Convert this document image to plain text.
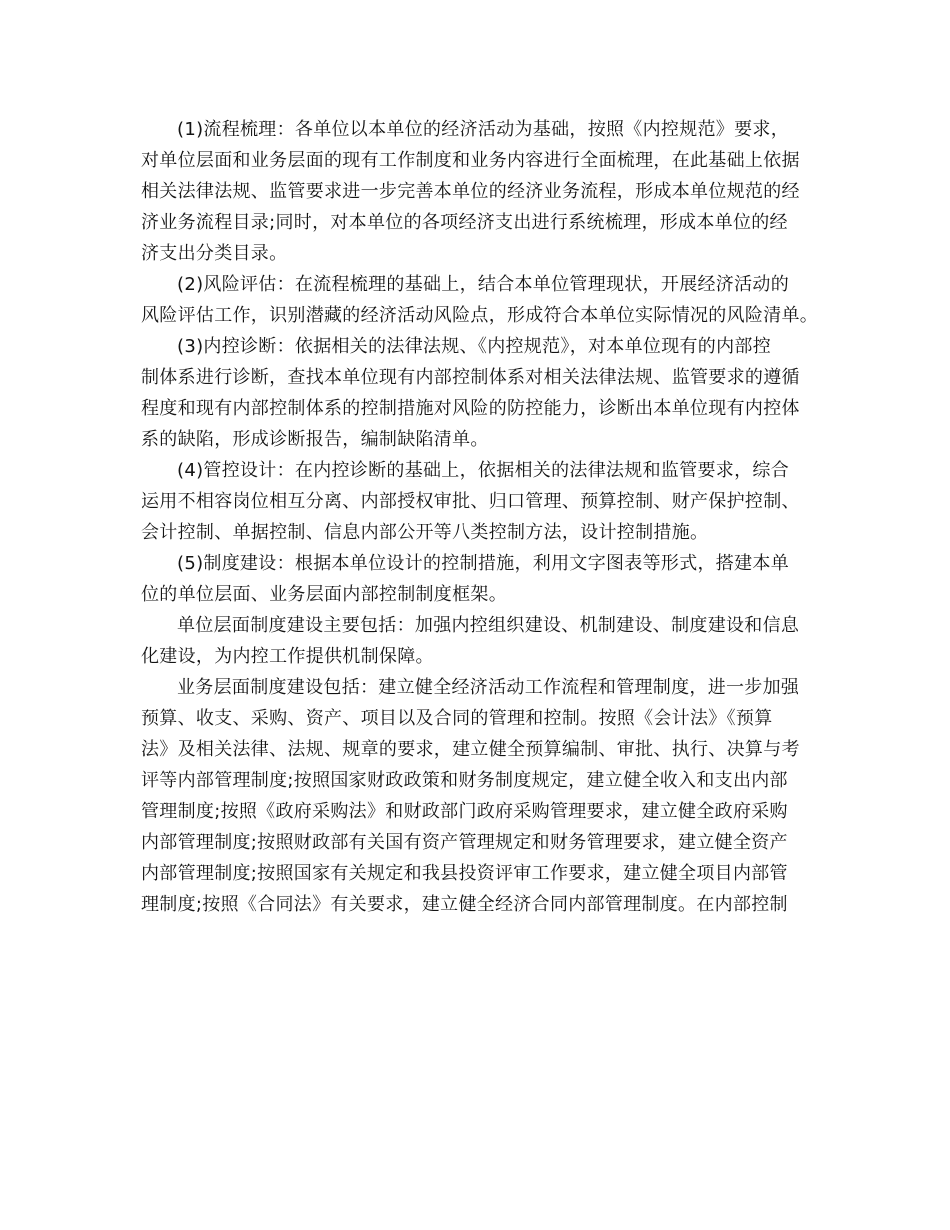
(1)流程梳理：各单位以本单位的经济活动为基础，按照《内控规范》要求，
对单位层面和业务层面的现有工作制度和业务内容进行全面梳理，在此基础上依据
相关法律法规、监管要求进一步完善本单位的经济业务流程，形成本单位规范的经
济业务流程目录;同时，对本单位的各项经济支出进行系统梳理，形成本单位的经
济支出分类目录。

(2)风险评估：在流程梳理的基础上，结合本单位管理现状，开展经济活动的
风险评估工作，识别潜藏的经济活动风险点，形成符合本单位实际情况的风险清单。

(3)内控诊断：依据相关的法律法规、《内控规范》，对本单位现有的内部控
制体系进行诊断，查找本单位现有内部控制体系对相关法律法规、监管要求的遵循
程度和现有内部控制体系的控制措施对风险的防控能力，诊断出本单位现有内控体
系的缺陷，形成诊断报告，编制缺陷清单。

(4)管控设计：在内控诊断的基础上，依据相关的法律法规和监管要求，综合
运用不相容岗位相互分离、内部授权审批、归口管理、预算控制、财产保护控制、
会计控制、单据控制、信息内部公开等八类控制方法，设计控制措施。

(5)制度建设：根据本单位设计的控制措施，利用文字图表等形式，搭建本单
位的单位层面、业务层面内部控制制度框架。

单位层面制度建设主要包括：加强内控组织建设、机制建设、制度建设和信息
化建设，为内控工作提供机制保障。

业务层面制度建设包括：建立健全经济活动工作流程和管理制度，进一步加强
预算、收支、采购、资产、项目以及合同的管理和控制。按照《会计法》《预算
法》及相关法律、法规、规章的要求，建立健全预算编制、审批、执行、决算与考
评等内部管理制度;按照国家财政政策和财务制度规定，建立健全收入和支出内部
管理制度;按照《政府采购法》和财政部门政府采购管理要求，建立健全政府采购
内部管理制度;按照财政部有关国有资产管理规定和财务管理要求，建立健全资产
内部管理制度;按照国家有关规定和我县投资评审工作要求，建立健全项目内部管
理制度;按照《合同法》有关要求，建立健全经济合同内部管理制度。在内部控制
